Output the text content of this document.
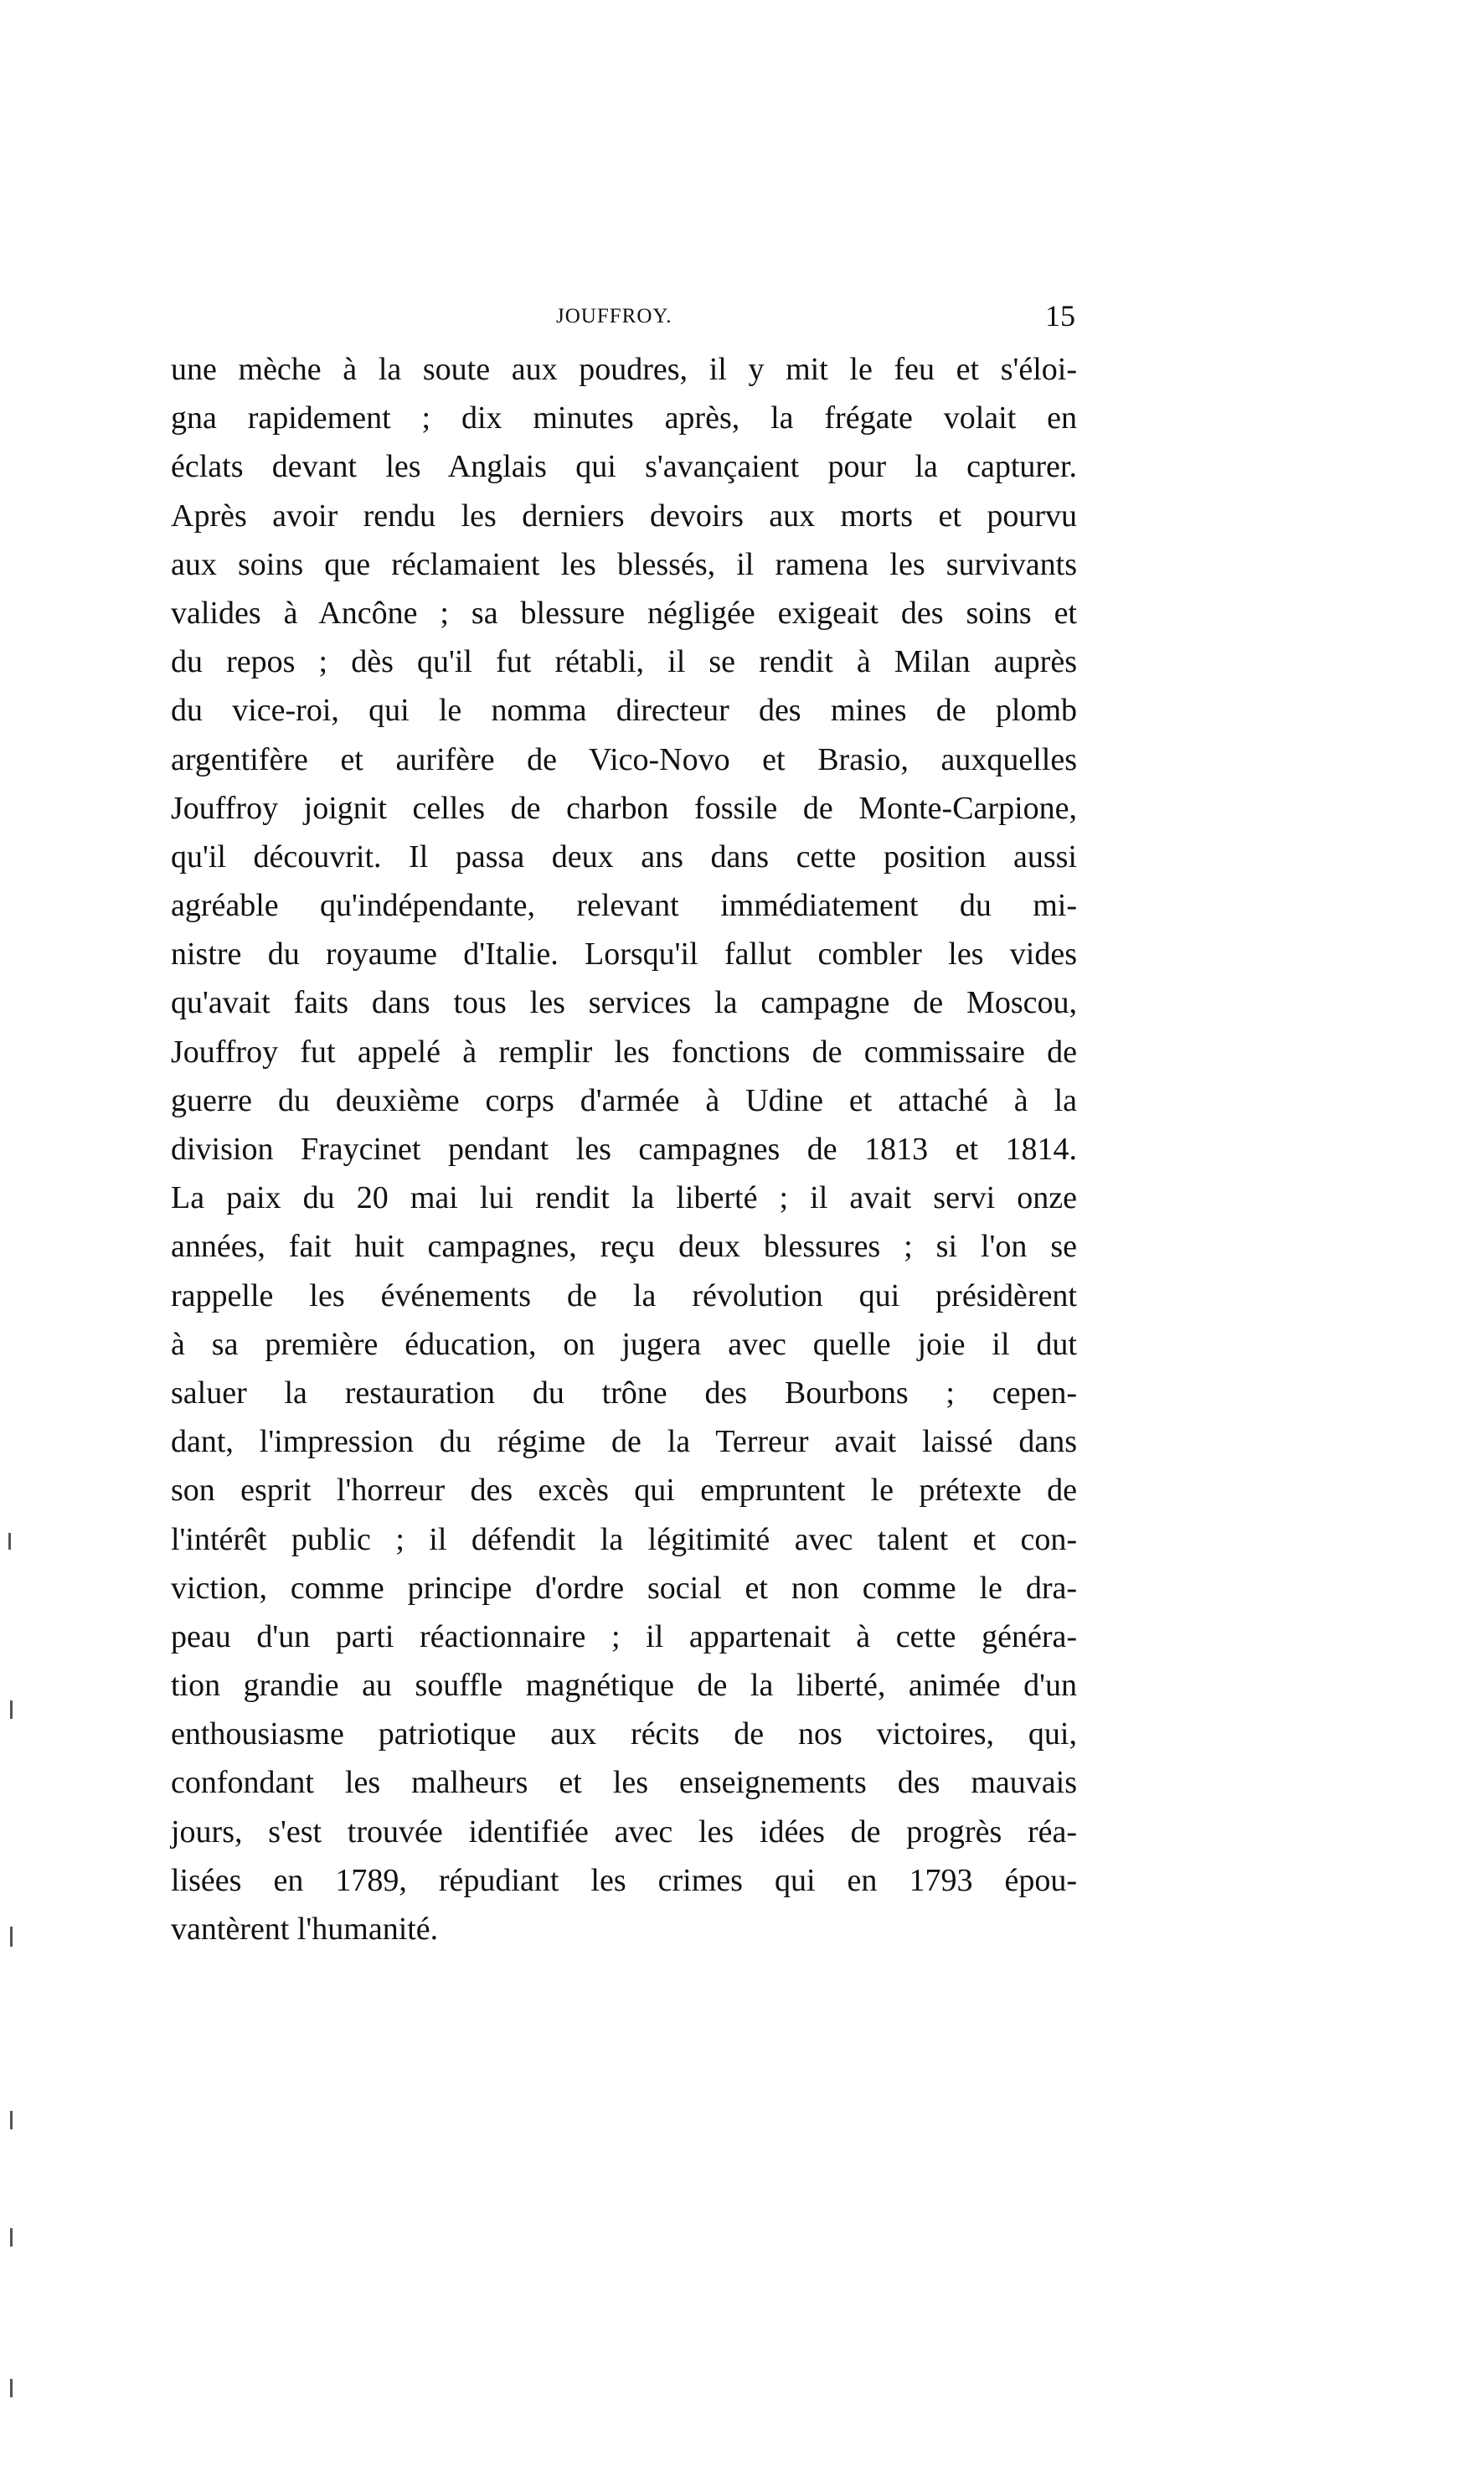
JOUFFROY.	15
une mèche à la soute aux poudres, il y mit le feu et s'éloi-
gna rapidement ; dix minutes après, la frégate volait en
éclats devant les Anglais qui s'avançaient pour la capturer.
Après avoir rendu les derniers devoirs aux morts et pourvu
aux soins que réclamaient les blessés, il ramena les survivants
valides à Ancône ; sa blessure négligée exigeait des soins et
du repos ; dès qu'il fut rétabli, il se rendit à Milan auprès
du vice-roi, qui le nomma directeur des mines de plomb
argentifère et aurifère de Vico-Novo et Brasio, auxquelles
Jouffroy joignit celles de charbon fossile de Monte-Carpione,
qu'il découvrit. Il passa deux ans dans cette position aussi
agréable qu'indépendante, relevant immédiatement du mi-
nistre du royaume d'Italie. Lorsqu'il fallut combler les vides
qu'avait faits dans tous les services la campagne de Moscou,
Jouffroy fut appelé à remplir les fonctions de commissaire de
guerre du deuxième corps d'armée à Udine et attaché à la
division Fraycinet pendant les campagnes de 1813 et 1814.
La paix du 20 mai lui rendit la liberté ; il avait servi onze
années, fait huit campagnes, reçu deux blessures ; si l'on se
rappelle les événements de la révolution qui présidèrent
à sa première éducation, on jugera avec quelle joie il dut
saluer la restauration du trône des Bourbons ; cepen-
dant, l'impression du régime de la Terreur avait laissé dans
son esprit l'horreur des excès qui empruntent le prétexte de
l'intérêt public ; il défendit la légitimité avec talent et con-
viction, comme principe d'ordre social et non comme le dra-
peau d'un parti réactionnaire ; il appartenait à cette généra-
tion grandie au souffle magnétique de la liberté, animée d'un
enthousiasme patriotique aux récits de nos victoires, qui,
confondant les malheurs et les enseignements des mauvais
jours, s'est trouvée identifiée avec les idées de progrès réa-
lisées en 1789, répudiant les crimes qui en 1793 épou-
vantèrent l'humanité.
